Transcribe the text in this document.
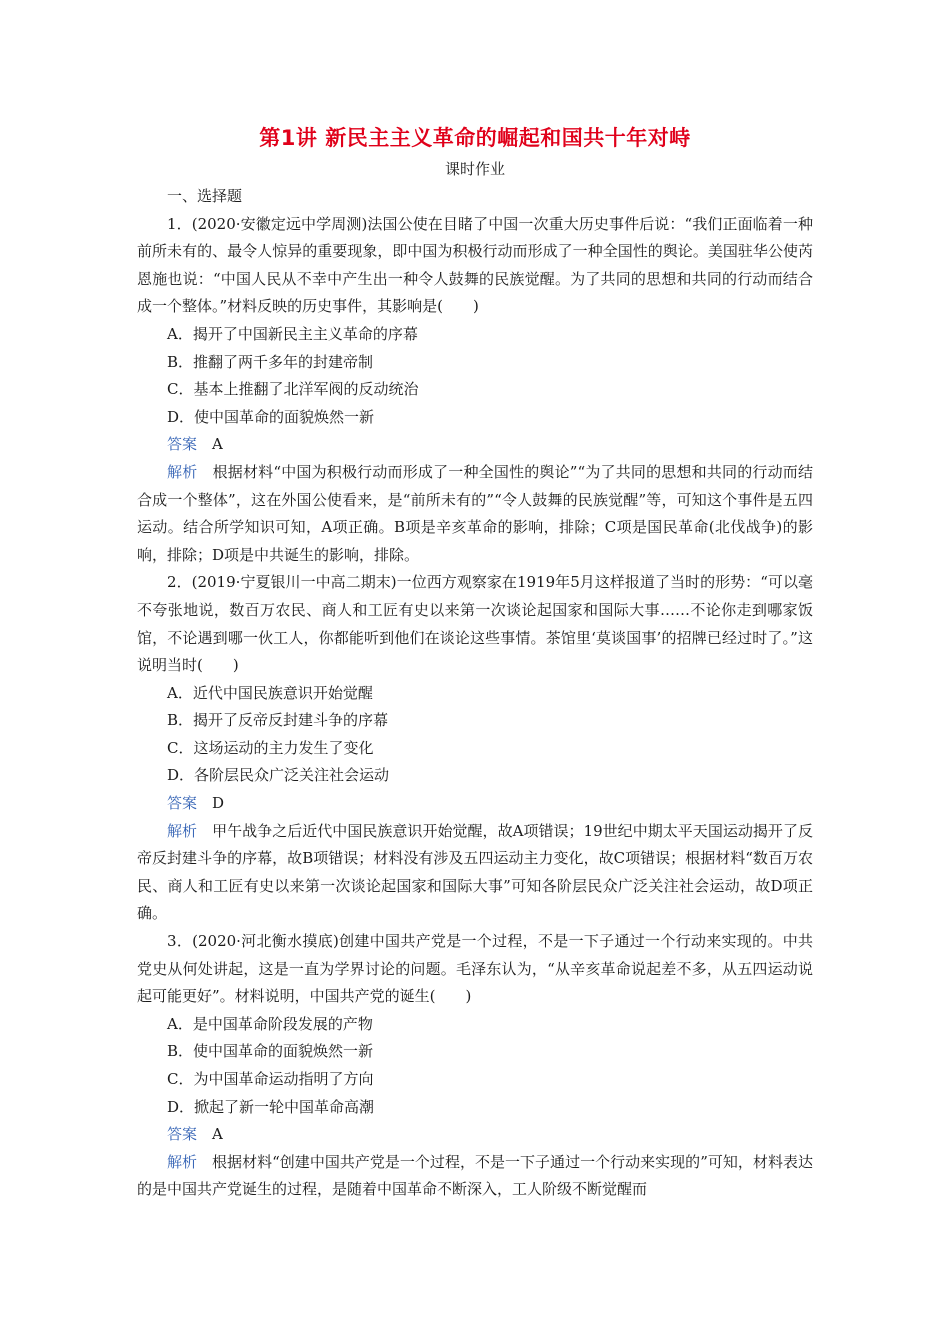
第1讲 新民主主义革命的崛起和国共十年对峙
课时作业

一、选择题

1．(2020·安徽定远中学周测)法国公使在目睹了中国一次重大历史事件后说：“我们正面临着一种前所未有的、最令人惊异的重要现象，即中国为积极行动而形成了一种全国性的舆论。美国驻华公使芮恩施也说：“中国人民从不幸中产生出一种令人鼓舞的民族觉醒。为了共同的思想和共同的行动而结合成一个整体。”材料反映的历史事件，其影响是(　　)

A．揭开了中国新民主主义革命的序幕

B．推翻了两千多年的封建帝制

C．基本上推翻了北洋军阀的反动统治

D．使中国革命的面貌焕然一新

答案　 A

解析　 根据材料“中国为积极行动而形成了一种全国性的舆论”“为了共同的思想和共同的行动而结合成一个整体”，这在外国公使看来，是“前所未有的”“令人鼓舞的民族觉醒”等，可知这个事件是五四运动。结合所学知识可知，A项正确。B项是辛亥革命的影响，排除；C项是国民革命(北伐战争)的影响，排除；D项是中共诞生的影响，排除。

2．(2019·宁夏银川一中高二期末)一位西方观察家在1919年5月这样报道了当时的形势：“可以毫不夸张地说，数百万农民、商人和工匠有史以来第一次谈论起国家和国际大事……不论你走到哪家饭馆，不论遇到哪一伙工人，你都能听到他们在谈论这些事情。茶馆里‘莫谈国事’的招牌已经过时了。”这说明当时(　　)

A．近代中国民族意识开始觉醒

B．揭开了反帝反封建斗争的序幕

C．这场运动的主力发生了变化

D．各阶层民众广泛关注社会运动

答案　 D

解析　 甲午战争之后近代中国民族意识开始觉醒，故A项错误；19世纪中期太平天国运动揭开了反帝反封建斗争的序幕，故B项错误；材料没有涉及五四运动主力变化，故C项错误；根据材料“数百万农民、商人和工匠有史以来第一次谈论起国家和国际大事”可知各阶层民众广泛关注社会运动，故D项正确。

3．(2020·河北衡水摸底)创建中国共产党是一个过程，不是一下子通过一个行动来实现的。中共党史从何处讲起，这是一直为学界讨论的问题。毛泽东认为，“从辛亥革命说起差不多，从五四运动说起可能更好”。材料说明，中国共产党的诞生(　　)

A．是中国革命阶段发展的产物

B．使中国革命的面貌焕然一新

C．为中国革命运动指明了方向

D．掀起了新一轮中国革命高潮

答案　 A

解析　 根据材料“创建中国共产党是一个过程，不是一下子通过一个行动来实现的”可知，材料表达的是中国共产党诞生的过程，是随着中国革命不断深入，工人阶级不断觉醒而
